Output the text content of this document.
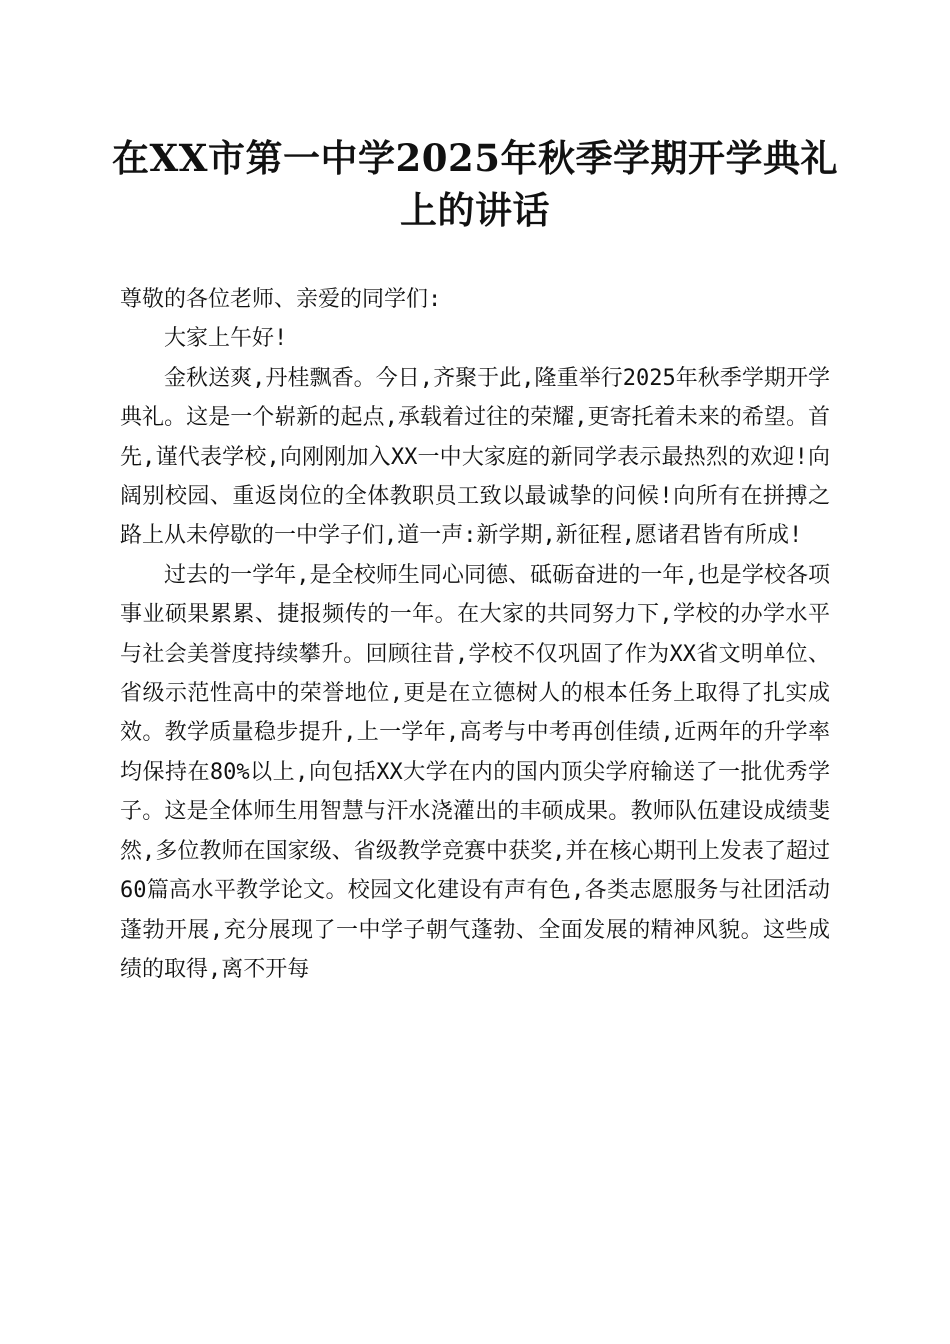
在XX市第一中学2025年秋季学期开学典礼
上的讲话

尊敬的各位老师、亲爱的同学们:

大家上午好!

金秋送爽,丹桂飘香。今日,齐聚于此,隆重举行2025年秋季学期开学典礼。这是一个崭新的起点,承载着过往的荣耀,更寄托着未来的希望。首先,谨代表学校,向刚刚加入XX一中大家庭的新同学表示最热烈的欢迎!向阔别校园、重返岗位的全体教职员工致以最诚挚的问候!向所有在拼搏之路上从未停歇的一中学子们,道一声:新学期,新征程,愿诸君皆有所成!

过去的一学年,是全校师生同心同德、砥砺奋进的一年,也是学校各项事业硕果累累、捷报频传的一年。在大家的共同努力下,学校的办学水平与社会美誉度持续攀升。回顾往昔,学校不仅巩固了作为XX省文明单位、省级示范性高中的荣誉地位,更是在立德树人的根本任务上取得了扎实成效。教学质量稳步提升,上一学年,高考与中考再创佳绩,近两年的升学率均保持在80%以上,向包括XX大学在内的国内顶尖学府输送了一批优秀学子。这是全体师生用智慧与汗水浇灌出的丰硕成果。教师队伍建设成绩斐然,多位教师在国家级、省级教学竞赛中获奖,并在核心期刊上发表了超过60篇高水平教学论文。校园文化建设有声有色,各类志愿服务与社团活动蓬勃开展,充分展现了一中学子朝气蓬勃、全面发展的精神风貌。这些成绩的取得,离不开每
